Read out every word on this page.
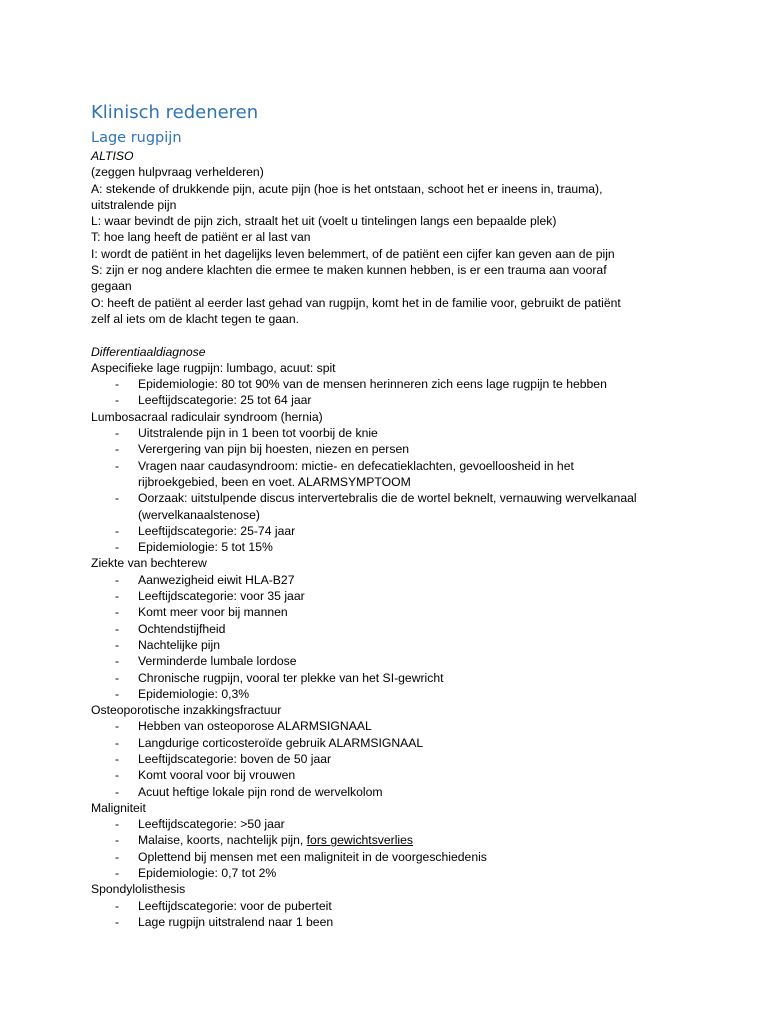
Klinisch redeneren
Lage rugpijn
ALTISO
(zeggen hulpvraag verhelderen)
A: stekende of drukkende pijn, acute pijn (hoe is het ontstaan, schoot het er ineens in, trauma),
uitstralende pijn
L: waar bevindt de pijn zich, straalt het uit (voelt u tintelingen langs een bepaalde plek)
T: hoe lang heeft de patiënt er al last van
I: wordt de patiënt in het dagelijks leven belemmert, of de patiënt een cijfer kan geven aan de pijn
S: zijn er nog andere klachten die ermee te maken kunnen hebben, is er een trauma aan vooraf
gegaan
O: heeft de patiënt al eerder last gehad van rugpijn, komt het in de familie voor, gebruikt de patiënt
zelf al iets om de klacht tegen te gaan.
Differentiaaldiagnose
Aspecifieke lage rugpijn: lumbago, acuut: spit
- Epidemiologie: 80 tot 90% van de mensen herinneren zich eens lage rugpijn te hebben
- Leeftijdscategorie: 25 tot 64 jaar
Lumbosacraal radiculair syndroom (hernia)
- Uitstralende pijn in 1 been tot voorbij de knie
- Verergering van pijn bij hoesten, niezen en persen
- Vragen naar caudasyndroom: mictie- en defecatieklachten, gevoelloosheid in het rijbroekgebied, been en voet. ALARMSYMPTOOM
- Oorzaak: uitstulpende discus intervertebralis die de wortel beknelt, vernauwing wervelkanaal (wervelkanaalstenose)
- Leeftijdscategorie: 25-74 jaar
- Epidemiologie: 5 tot 15%
Ziekte van bechterew
- Aanwezigheid eiwit HLA-B27
- Leeftijdscategorie: voor 35 jaar
- Komt meer voor bij mannen
- Ochtendstijfheid
- Nachtelijke pijn
- Verminderde lumbale lordose
- Chronische rugpijn, vooral ter plekke van het SI-gewricht
- Epidemiologie: 0,3%
Osteoporotische inzakkingsfractuur
- Hebben van osteoporose ALARMSIGNAAL
- Langdurige corticosteroïde gebruik ALARMSIGNAAL
- Leeftijdscategorie: boven de 50 jaar
- Komt vooral voor bij vrouwen
- Acuut heftige lokale pijn rond de wervelkolom
Maligniteit
- Leeftijdscategorie: >50 jaar
- Malaise, koorts, nachtelijk pijn, fors gewichtsverlies
- Oplettend bij mensen met een maligniteit in de voorgeschiedenis
- Epidemiologie: 0,7 tot 2%
Spondylolisthesis
- Leeftijdscategorie: voor de puberteit
- Lage rugpijn uitstralend naar 1 been
